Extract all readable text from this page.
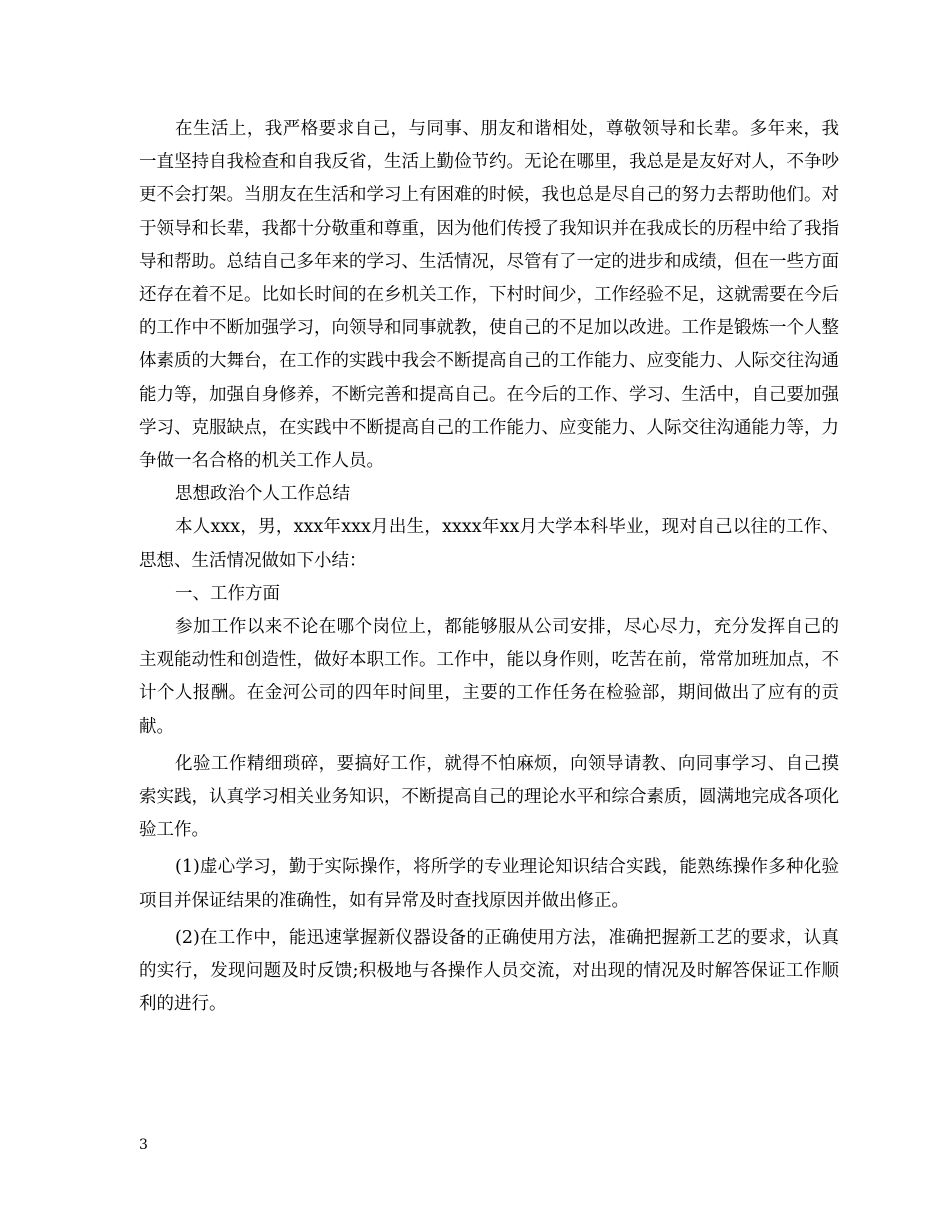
在生活上，我严格要求自己，与同事、朋友和谐相处，尊敬领导和长辈。多年来，我一直坚持自我检查和自我反省，生活上勤俭节约。无论在哪里，我总是是友好对人，不争吵更不会打架。当朋友在生活和学习上有困难的时候，我也总是尽自己的努力去帮助他们。对于领导和长辈，我都十分敬重和尊重，因为他们传授了我知识并在我成长的历程中给了我指导和帮助。总结自己多年来的学习、生活情况，尽管有了一定的进步和成绩，但在一些方面还存在着不足。比如长时间的在乡机关工作，下村时间少，工作经验不足，这就需要在今后的工作中不断加强学习，向领导和同事就教，使自己的不足加以改进。工作是锻炼一个人整体素质的大舞台，在工作的实践中我会不断提高自己的工作能力、应变能力、人际交往沟通能力等，加强自身修养，不断完善和提高自己。在今后的工作、学习、生活中，自己要加强学习、克服缺点，在实践中不断提高自己的工作能力、应变能力、人际交往沟通能力等，力争做一名合格的机关工作人员。

思想政治个人工作总结

本人xxx，男，xxx年xxx月出生，xxxx年xx月大学本科毕业，现对自己以往的工作、思想、生活情况做如下小结：

一、工作方面

参加工作以来不论在哪个岗位上，都能够服从公司安排，尽心尽力，充分发挥自己的主观能动性和创造性，做好本职工作。工作中，能以身作则，吃苦在前，常常加班加点，不计个人报酬。在金河公司的四年时间里，主要的工作任务在检验部，期间做出了应有的贡献。

化验工作精细琐碎，要搞好工作，就得不怕麻烦，向领导请教、向同事学习、自己摸索实践，认真学习相关业务知识，不断提高自己的理论水平和综合素质，圆满地完成各项化验工作。

(1)虚心学习，勤于实际操作，将所学的专业理论知识结合实践，能熟练操作多种化验项目并保证结果的准确性，如有异常及时查找原因并做出修正。

(2)在工作中，能迅速掌握新仪器设备的正确使用方法，准确把握新工艺的要求，认真的实行，发现问题及时反馈;积极地与各操作人员交流，对出现的情况及时解答保证工作顺利的进行。

3
